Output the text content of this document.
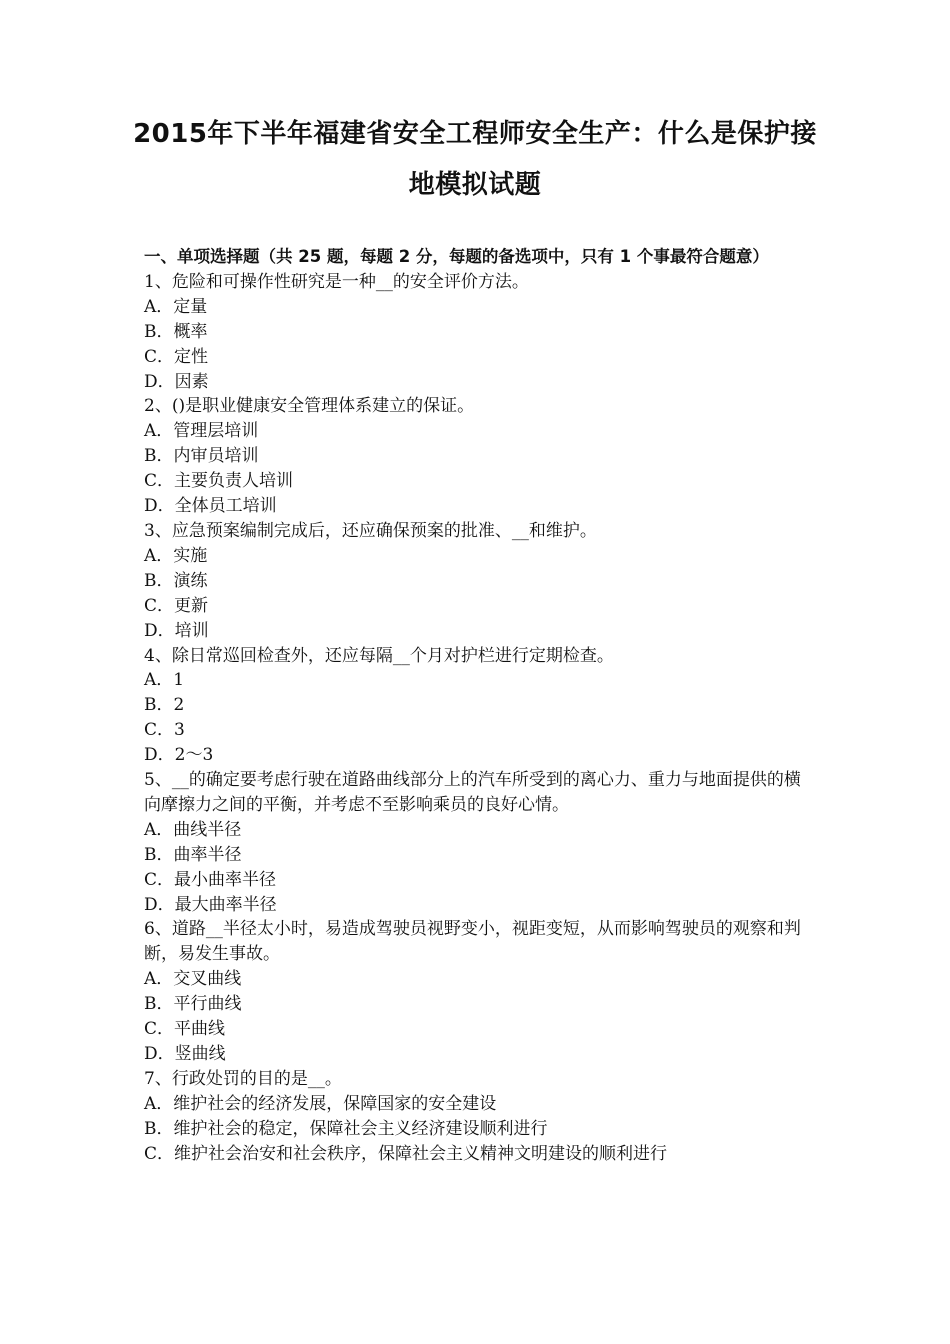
2015年下半年福建省安全工程师安全生产：什么是保护接
地模拟试题
一、单项选择题（共 25 题，每题 2 分，每题的备选项中，只有 1 个事最符合题意）
1、危险和可操作性研究是一种__的安全评价方法。
A．定量
B．概率
C．定性
D．因素
2、()是职业健康安全管理体系建立的保证。
A．管理层培训
B．内审员培训
C．主要负责人培训
D．全体员工培训
3、应急预案编制完成后，还应确保预案的批准、__和维护。
A．实施
B．演练
C．更新
D．培训
4、除日常巡回检查外，还应每隔__个月对护栏进行定期检查。
A．1
B．2
C．3
D．2～3
5、__的确定要考虑行驶在道路曲线部分上的汽车所受到的离心力、重力与地面提供的横向摩擦力之间的平衡，并考虑不至影响乘员的良好心情。
A．曲线半径
B．曲率半径
C．最小曲率半径
D．最大曲率半径
6、道路__半径太小时，易造成驾驶员视野变小，视距变短，从而影响驾驶员的观察和判断，易发生事故。
A．交叉曲线
B．平行曲线
C．平曲线
D．竖曲线
7、行政处罚的目的是__。
A．维护社会的经济发展，保障国家的安全建设
B．维护社会的稳定，保障社会主义经济建设顺利进行
C．维护社会治安和社会秩序，保障社会主义精神文明建设的顺利进行
